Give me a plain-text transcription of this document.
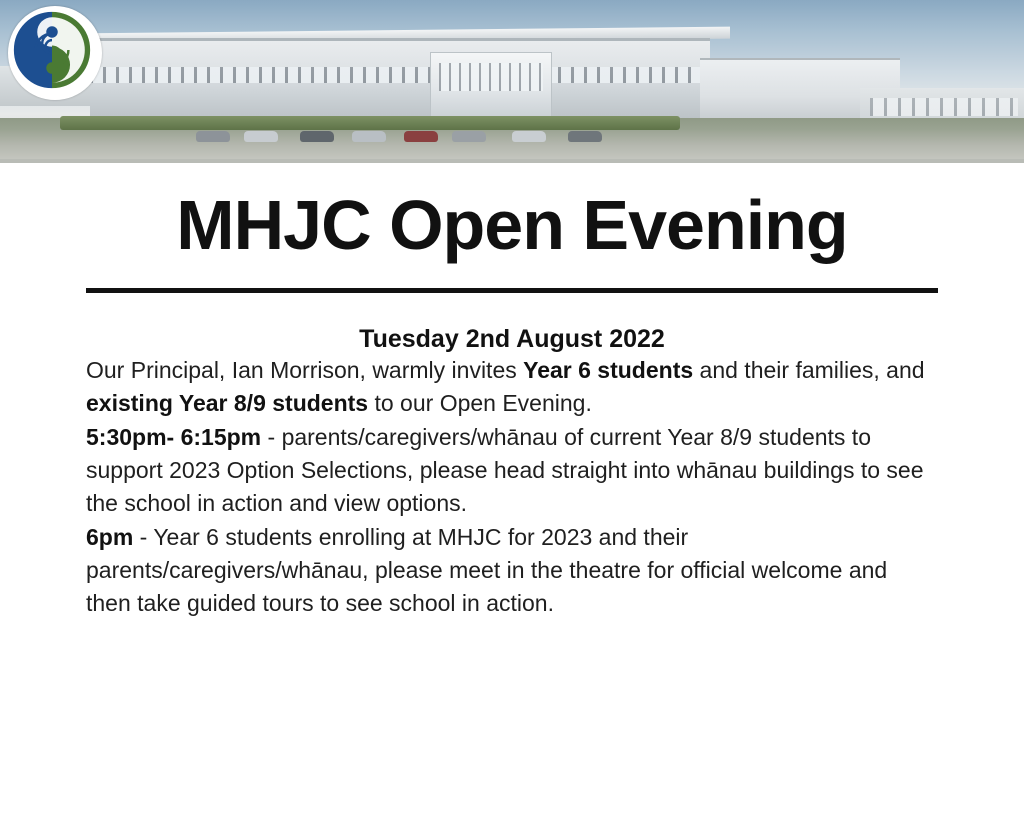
MHJC Open Evening
Tuesday 2nd August 2022

Our Principal, Ian Morrison, warmly invites Year 6 students and their families, and existing Year 8/9 students to our Open Evening.

5:30pm- 6:15pm - parents/caregivers/whānau of current Year 8/9 students to support 2023 Option Selections, please head straight into whānau buildings to see the school in action and view options.

6pm - Year 6 students enrolling at MHJC for 2023 and their parents/caregivers/whānau, please meet in the theatre for official welcome and then take guided tours to see school in action.
